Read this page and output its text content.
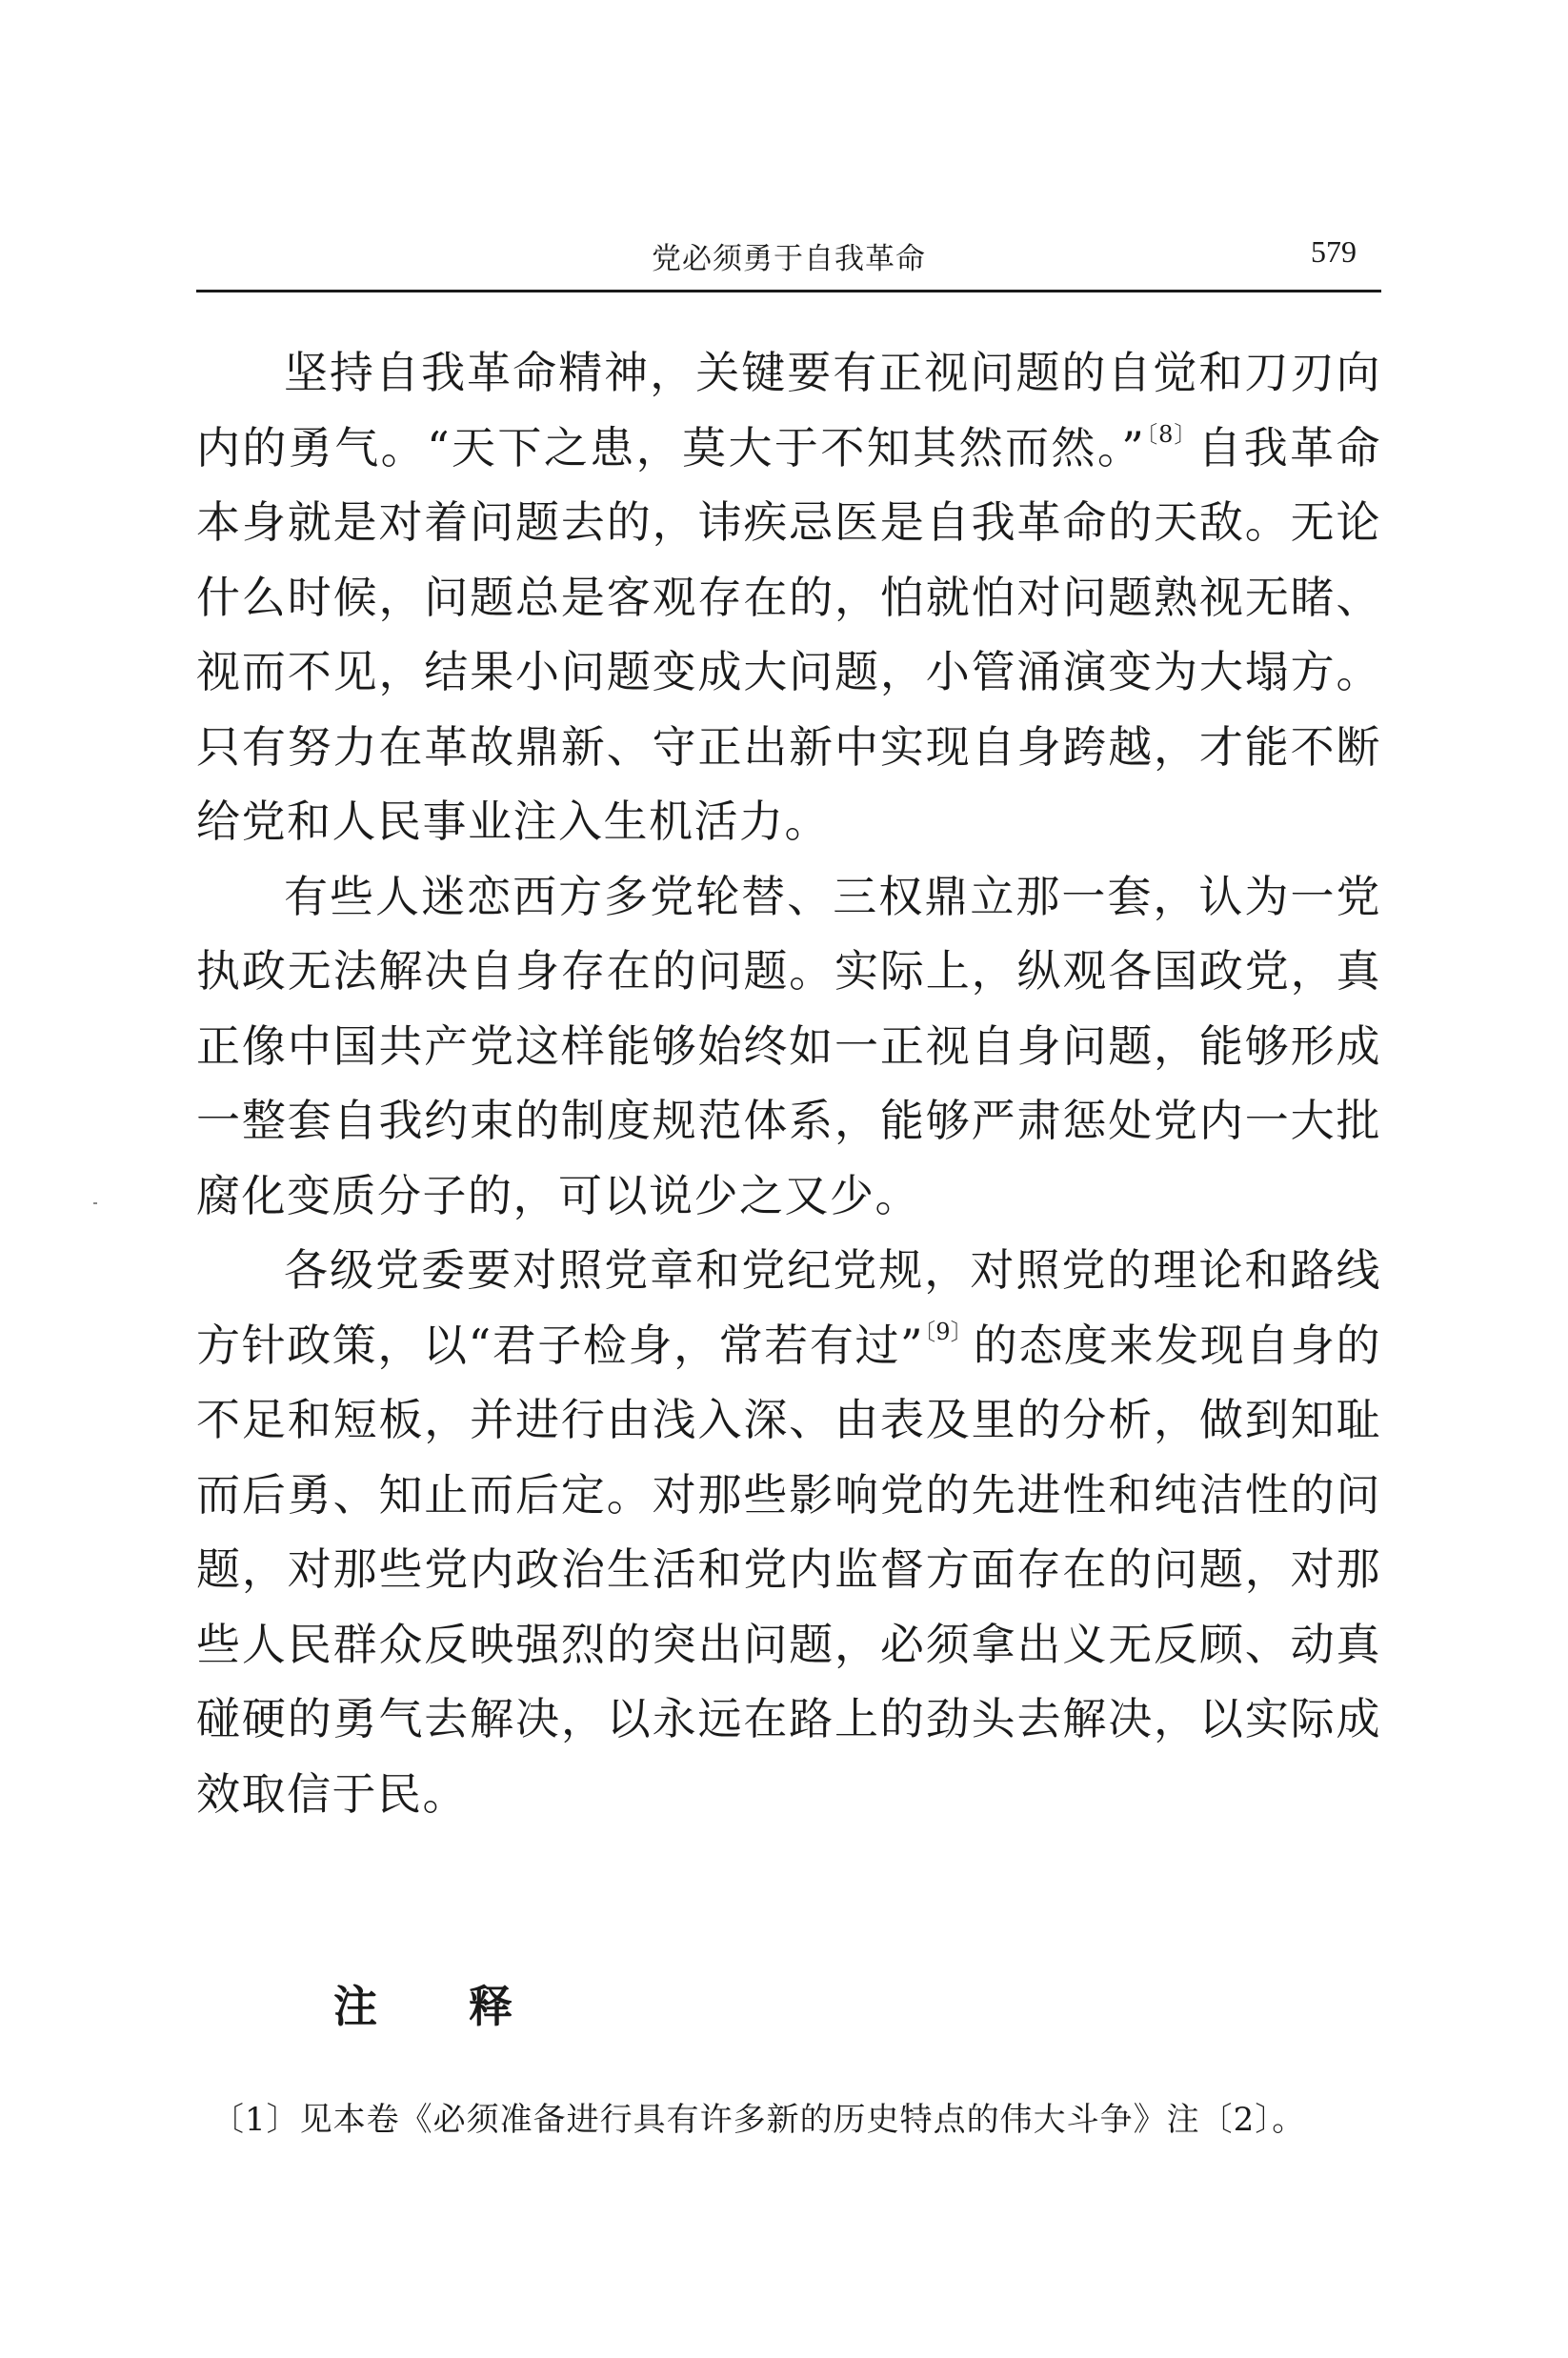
党必须勇于自我革命	579

坚持自我革命精神，关键要有正视问题的自觉和刀刃向内的勇气。“天下之患，莫大于不知其然而然。”$^{〔8〕}$自我革命本身就是对着问题去的，讳疾忌医是自我革命的天敌。无论什么时候，问题总是客观存在的，怕就怕对问题熟视无睹、视而不见，结果小问题变成大问题，小管涌演变为大塌方。只有努力在革故鼎新、守正出新中实现自身跨越，才能不断给党和人民事业注入生机活力。

有些人迷恋西方多党轮替、三权鼎立那一套，认为一党执政无法解决自身存在的问题。实际上，纵观各国政党，真正像中国共产党这样能够始终如一正视自身问题，能够形成一整套自我约束的制度规范体系，能够严肃惩处党内一大批腐化变质分子的，可以说少之又少。

各级党委要对照党章和党纪党规，对照党的理论和路线方针政策，以“君子检身，常若有过”$^{〔9〕}$的态度来发现自身的不足和短板，并进行由浅入深、由表及里的分析，做到知耻而后勇、知止而后定。对那些影响党的先进性和纯洁性的问题，对那些党内政治生活和党内监督方面存在的问题，对那些人民群众反映强烈的突出问题，必须拿出义无反顾、动真碰硬的勇气去解决，以永远在路上的劲头去解决，以实际成效取信于民。

注释
〔1〕见本卷《必须准备进行具有许多新的历史特点的伟大斗争》注〔2〕。
